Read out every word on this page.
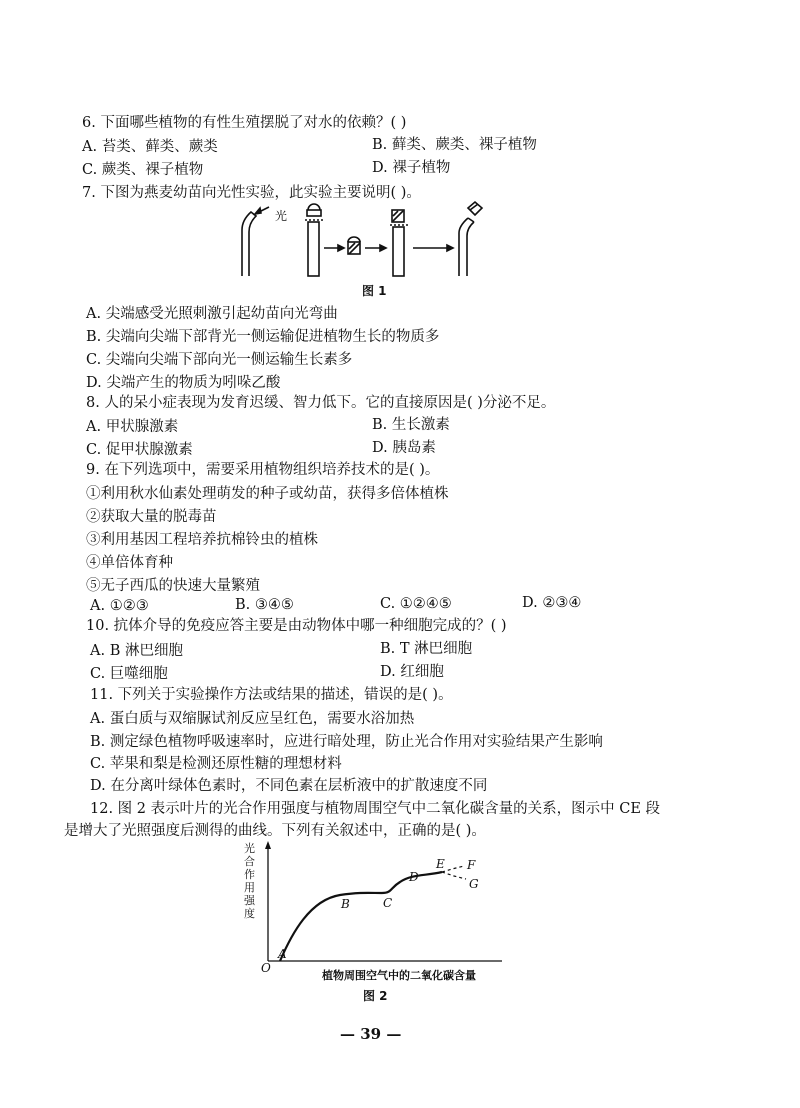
6. 下面哪些植物的有性生殖摆脱了对水的依赖？( )
A. 苔类、藓类、蕨类	B. 藓类、蕨类、裸子植物
C. 蕨类、裸子植物	D. 裸子植物
7. 下图为燕麦幼苗向光性实验，此实验主要说明( )。
光
图 1
A. 尖端感受光照刺激引起幼苗向光弯曲
B. 尖端向尖端下部背光一侧运输促进植物生长的物质多
C. 尖端向尖端下部向光一侧运输生长素多
D. 尖端产生的物质为吲哚乙酸
8. 人的呆小症表现为发育迟缓、智力低下。它的直接原因是( )分泌不足。
A. 甲状腺激素	B. 生长激素
C. 促甲状腺激素	D. 胰岛素
9. 在下列选项中，需要采用植物组织培养技术的是( )。
①利用秋水仙素处理萌发的种子或幼苗，获得多倍体植株
②获取大量的脱毒苗
③利用基因工程培养抗棉铃虫的植株
④单倍体育种
⑤无子西瓜的快速大量繁殖
A. ①②③	B. ③④⑤	C. ①②④⑤	D. ②③④
10. 抗体介导的免疫应答主要是由动物体中哪一种细胞完成的？( )
A. B 淋巴细胞	B. T 淋巴细胞
C. 巨噬细胞	D. 红细胞
11. 下列关于实验操作方法或结果的描述，错误的是( )。
A. 蛋白质与双缩脲试剂反应呈红色，需要水浴加热
B. 测定绿色植物呼吸速率时，应进行暗处理，防止光合作用对实验结果产生影响
C. 苹果和梨是检测还原性糖的理想材料
D. 在分离叶绿体色素时，不同色素在层析液中的扩散速度不同
12. 图 2 表示叶片的光合作用强度与植物周围空气中二氧化碳含量的关系，图示中 CE 段
是增大了光照强度后测得的曲线。下列有关叙述中，正确的是( )。
光
合
作
用
强
度
O
A
B	C
D
E F
G
植物周围空气中的二氧化碳含量
图 2
— 39 —
